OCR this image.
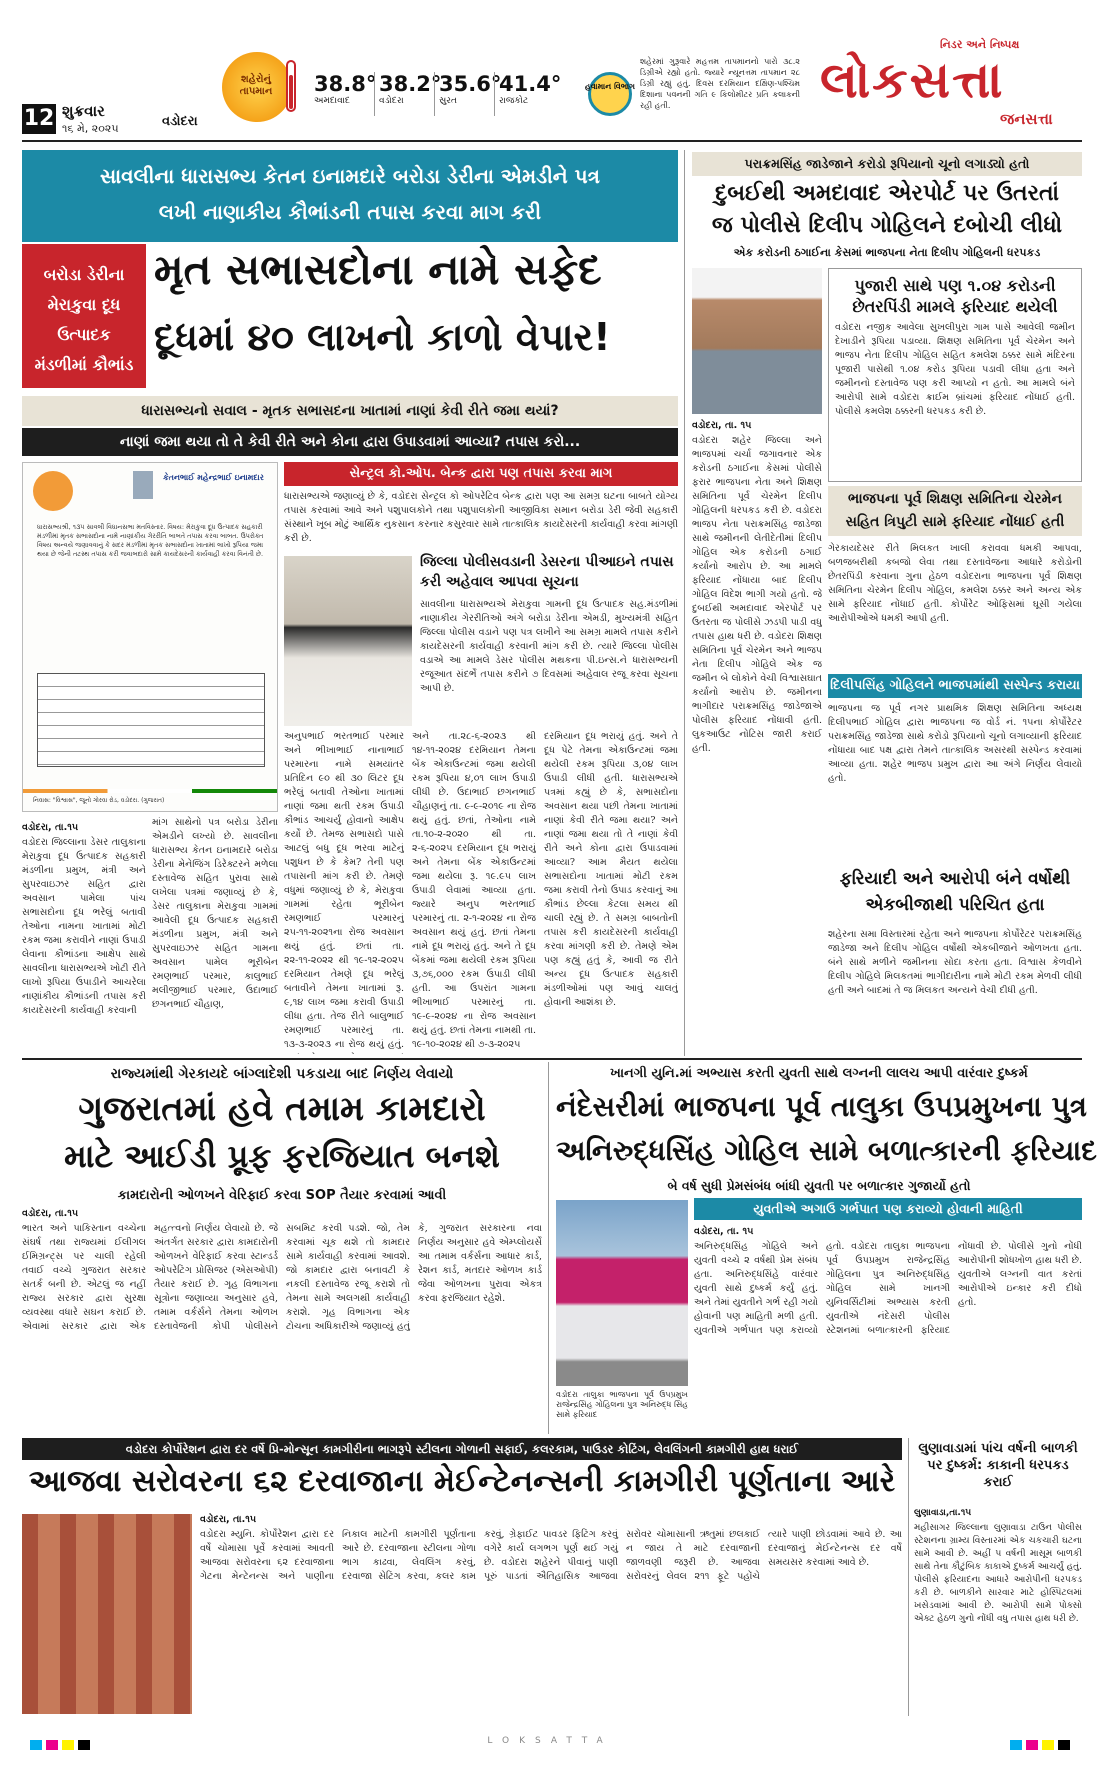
12 શુક્રવાર
૧૬ મે, ૨૦૨૫	વડોદરા
શહેરોનું તાપમાન	38.8°
અમદાવાદ
38.2°
વડોદરા
35.6°
સુરત
41.4°
રાજકોટ
હવામાન વિભાગ
શહેરમાં ગુરૂવારે મહત્તમ તાપમાનનો પારો ૩૮.૨ ડિગ્રીએ રહ્યો હતો. જ્યારે ન્યૂનત્તમ તાપમાન ૨૮ ડિગ્રી રહ્યું હતું. દિવસ દરમિયાન દક્ષિણ-પશ્ચિમ દિશાના પવનની ગતિ ૯ કિલોમીટર પ્રતિ કલાકની રહી હતી.
નિડર અને નિષ્પક્ષ
લોકસત્તા
જનસત્તા
સાવલીના ધારાસભ્ય કેતન ઇનામદારે બરોડા ડેરીના એમડીને પત્ર
લખી નાણાકીય કૌભાંડની તપાસ કરવા માગ કરી
બરોડા ડેરીના મેરાકુવા દૂધ ઉત્પાદક મંડળીમાં કૌભાંડ
મૃત સભાસદોના નામે સફેદ
દૂધમાં ૪૦ લાખનો કાળો વેપાર!
ધારાસભ્યનો સવાલ - મૃતક સભાસદના ખાતામાં નાણાં કેવી રીતે જમા થયાં?
નાણાં જમા થયા તો તે કેવી રીતે અને કોના દ્વારા ઉપાડવામાં આવ્યા? તપાસ કરો...
કેતનભાઈ મહેન્દ્રભાઈ ઇનામદાર
ધારાસભ્યશ્રી, ૧૩૫ સાવલી વિધાનસભા મતવિસ્તાર. વિષય: મેરાકુવા દૂધ ઉત્પાદક સહકારી મંડળીમાં મૃતક સભાસદોના નામે નાણાંકીય ગેરરીતિ બાબતે તપાસ કરવા બાબત. ઉપરોક્ત વિષય અન્વયે જણાવવાનું કે સદર મંડળીમાં મૃતક સભાસદોના ખાતામાં લાખો રૂપિયા જમા થયા છે જેની તટસ્થ તપાસ કરી જવાબદારો સામે કાયદેસરની કાર્યવાહી કરવા વિનંતી છે.
નિવાસ: "વિશ્વાસ", જૂનો ગોરવા રોડ, વડોદરા. (ગુજરાત)
સેન્ટ્રલ કો.ઓપ. બેન્ક દ્વારા પણ તપાસ કરવા માગ
ધારાસભ્યએ જણાવ્યું છે કે, વડોદરા સેન્ટ્રલ કો ઓપરેટિવ બેન્ક દ્વારા પણ આ સમગ્ર ઘટના બાબતે યોગ્ય તપાસ કરવામાં આવે અને પશુપાલકોને તથા પશુપાલકોની આજીવિકા સમાન બરોડા ડેરી જેવી સહકારી સંસ્થાને ખૂબ મોટું આર્થિક નુકસાન કરનાર કસુરવાર સામે તાત્કાલિક કાયદેસરની કાર્યવાહી કરવા માંગણી કરી છે.
જિલ્લા પોલીસવડાની ડેસરના પીઆઇને તપાસ કરી અહેવાલ આપવા સૂચના
સાવલીના ધારાસભ્યએ મેરાકુવા ગામની દૂધ ઉત્પાદક સહ.મંડળીમાં નાણાકીય ગેરરીતિઓ અંગે બરોડા ડેરીના એમડી, મુખ્યમંત્રી સહિત જિલ્લા પોલીસ વડાને પણ પત્ર લખીને આ સમગ્ર મામલે તપાસ કરીને કાયદેસરની કાર્યવાહી કરવાની માંગ કરી છે. ત્યારે જિલ્લા પોલીસ વડાએ આ મામલે ડેસર પોલીસ મથકના પી.ઇન્સ.ને ધારાસભ્યની રજૂઆત સંદર્ભે તપાસ કરીને ૭ દિવસમાં અહેવાલ રજૂ કરવા સૂચના આપી છે.
અનુપભાઈ ભરતભાઈ પરમાર અને ભીખાભાઈ નાનાભાઈ પરમારના નામે સમયાંતર પ્રતિદિન ૯૦ થી ૩૦ લિટર દૂધ ભરેલું બતાવી તેઓના ખાતામાં નાણાં જમા થતી રકમ ઉપાડી કૌભાંડ આચર્યું હોવાનો આક્ષેપ કર્યો છે. તેમજ સભાસદો પાસે આટલું બધુ દૂધ ભરવા માટેનું પશુધન છે કે કેમ? તેની પણ તપાસની માંગ કરી છે. તેમણે વધુમાં જણાવ્યું છે કે, મેરાકુવા ગામમાં રહેતા ભૂરીબેન રમણભાઈ પરમારનું ૨૫-૧૧-૨૦૨૧ના રોજ અવસાન થયું હતું. છતાં તા. ૨૨-૧૧-૨૦૨૨ થી ૧૯-૧૨-૨૦૨૫ દરમિયાન તેમણે દૂધ ભરેલું બતાવીને તેમના ખાતામાં રૂ. ૯,૧૪ લાખ જમા કરાવી ઉપાડી લીધા હતા. તેજ રીતે બાલુભાઈ રમણભાઈ પરમારનું તા. ૧૩-૩-૨૦૨૩ ના રોજ થયું હતું.
અને તા.૨૮-૬-૨૦૨૩ થી ૧૪-૧૧-૨૦૨૪ દરમિયાન તેમના બેંક એકાઉન્ટમાં જમા થયેલી રકમ રૂપિયા ૪,૦૧ લાખ ઉપાડી લીધી છે. ઉદાભાઈ છગનભાઈ ચૌહાણનું તા. ૯-૯-૨૦૧૯ ના રોજ થયું હતું. છતાં, તેઓના નામે તા.૧૦-૨-૨૦૨૦ થી તા. ૨-૬-૨૦૨૫ દરમિયાન દૂધ ભરાયું અને તેમના બેંક એકાઉન્ટમાં જમા થયેલા રૂ. ૧૯.૯૫ લાખ ઉપાડી લેવામાં આવ્યા હતા. જ્યારે અનુપ ભરતભાઈ પરમારનું તા. ૨-૧-૨૦૨૪ ના રોજ અવસાન થયું હતું. છતાં તેમના નામે દૂધ ભરાયું હતું. અને તે દૂધ બેંકમાં જમા થયેલી રકમ રૂપિયા ૩,૭૬,૦૦૦ રકમ ઉપાડી લીધી હતી. આ ઉપરાંત ગામના ભીખાભાઈ પરમારનું તા. ૧૯-૯-૨૦૨૪ ના રોજ અવસાન થયું હતું. છતાં તેમના નામથી તા. ૧૯-૧૦-૨૦૨૪ થી ૭-૩-૨૦૨૫
દરમિયાન દૂધ ભરાયું હતું. અને તે દૂધ પેટે તેમના એકાઉન્ટમાં જમા થયેલી રકમ રૂપિયા ૩,૦૪ લાખ ઉપાડી લીધી હતી. ધારાસભ્યએ પત્રમાં કહ્યું છે કે, સભાસદોના અવસાન થયા પછી તેમના ખાતામાં નાણાં કેવી રીતે જમા થયા? અને નાણાં જમા થયા તો તે નાણાં કેવી રીતે અને કોના દ્વારા ઉપાડવામાં આવ્યા? આમ મૈયત થયેલા સભાસદોના ખાતામાં મોટી રકમ જમા કરાવી તેનો ઉપાડ કરવાનું આ કૌભાંડ છેલ્લા કેટલા સમય થી ચાલી રહ્યું છે. તે સમગ્ર બાબતોની તપાસ કરી કાયદેસરની કાર્યવાહી કરવા માંગણી કરી છે. તેમણે એમ પણ કહ્યું હતું કે, આવી જ રીતે અન્ય દૂધ ઉત્પાદક સહકારી મંડળીઓમાં પણ આવું ચાલતું હોવાની આશંકા છે.
વડોદરા, તા.૧૫
વડોદરા જિલ્લાના ડેસર તાલુકાના મેરાકુવા દૂધ ઉત્પાદક સહકારી મંડળીના પ્રમુખ, મંત્રી અને સુપરવાઇઝર સહિત દ્વારા અવસાન પામેલા પાંચ સભાસદોના દૂધ ભરેલું બતાવી તેઓના નામના ખાતામાં મોટી રકમ જમા કરાવીને નાણાં ઉપાડી લેવાના કૌભાંડના આક્ષેપ સાથે સાવલીના ધારાસભ્યએ ખોટી રીતે લાખો રૂપિયા ઉપાડીને આચરેલા નાણાંકીય કૌભાંડની તપાસ કરી કાયદેસરની કાર્યવાહી કરવાની
માંગ સાથેનો પત્ર બરોડા ડેરીના એમડીને લખ્યો છે. સાવલીના ધારાસભ્ય કેતન ઇનામદારે બરોડા ડેરીના મેનેજિંગ ડિરેક્ટરને મળેલા દસ્તાવેજ સહિત પુરાવા સાથે લખેલા પત્રમાં જણાવ્યું છે કે, ડેસર તાલુકાના મેરાકુવા ગામમાં આવેલી દૂધ ઉત્પાદક સહકારી મંડળીના પ્રમુખ, મંત્રી અને સુપરવાઇઝર સહિત ગામના અવસાન પામેલ ભૂરીબેન રમણભાઈ પરમાર, કાલુભાઈ મલીજીભાઈ પરમાર, ઉદાભાઈ છગનભાઈ ચૌહાણ,
પરાક્રમસિંહ જાડેજાને કરોડો રૂપિયાનો ચૂનો લગાડ્યો હતો
દુબઈથી અમદાવાદ એરપોર્ટ પર ઉતરતાં
જ પોલીસે દિલીપ ગોહિલને દબોચી લીધો
એક કરોડની ઠગાઈના કેસમાં ભાજપના નેતા દિલીપ ગોહિલની ધરપકડ
વડોદરા, તા. ૧૫
વડોદરા શહેર જિલ્લા અને ભાજપમાં ચર્ચા જગાવનાર એક કરોડની ઠગાઈના કેસમાં પોલીસે ફરાર ભાજપના નેતા અને શિક્ષણ સમિતિના પૂર્વ ચેરમેન દિલીપ ગોહિલની ધરપકડ કરી છે. વડોદરા ભાજપ નેતા પરાક્રમસિંહ જાડેજા સાથે જમીનની લેતીદેતીમાં દિલીપ ગોહિલ એક કરોડની ઠગાઈ કર્યાનો આરોપ છે. આ મામલે ફરિયાદ નોંધાયા બાદ દિલીપ ગોહિલ વિદેશ ભાગી ગયો હતો. જે દુબઈથી અમદાવાદ એરપોર્ટ પર ઉતરતા જ પોલીસે ઝડપી પાડી વધુ તપાસ હાથ ધરી છે. વડોદરા શિક્ષણ સમિતિના પૂર્વ ચેરમેન અને ભાજપ નેતા દિલીપ ગોહિલે એક જ જમીન બે લોકોને વેચી વિશ્વાસઘાત કર્યાનો આરોપ છે. જમીનના ભાગીદાર પરાક્રમસિંહ જાડેજાએ પોલીસ ફરિયાદ નોંધાવી હતી. લુકઆઉટ નોટિસ જારી કરાઈ હતી.
પુજારી સાથે પણ ૧.૦૪ કરોડની છેતરપિંડી મામલે ફરિયાદ થયેલી
વડોદરા નજીક આવેલા સુખલીપુરા ગામ પાસે આવેલી જમીન દેખાડીને રૂપિયા પડાવ્યા. શિક્ષણ સમિતિના પૂર્વ ચેરમેન અને ભાજપ નેતા દિલીપ ગોહિલ સહિત કમલેશ ઠક્કર સામે મંદિરના પૂજારી પાસેથી ૧.૦૪ કરોડ રૂપિયા પડાવી લીધા હતા અને જમીનનો દસ્તાવેજ પણ કરી આપ્યો ન હતો. આ મામલે બંને આરોપી સામે વડોદરા ક્રાઈમ બ્રાંચમાં ફરિયાદ નોંધાઈ હતી. પોલીસે કમલેશ ઠક્કરની ધરપકડ કરી છે.
ભાજપના પૂર્વ શિક્ષણ સમિતિના ચેરમેન સહિત ત્રિપુટી સામે ફરિયાદ નોંધાઈ હતી
ગેરકાયદેસર રીતે મિલકત ખાલી કરાવવા ધમકી આપવા, બળજબરીથી કબજો લેવા તથા દસ્તાવેજના આધારે કરોડોની છેતરપિંડી કરવાના ગુના હેઠળ વડોદરાના ભાજપના પૂર્વ શિક્ષણ સમિતિના ચેરમેન દિલીપ ગોહિલ, કમલેશ ઠક્કર અને અન્ય એક સામે ફરિયાદ નોંધાઈ હતી. કોર્પોરેટ ઓફિસમાં ઘૂસી ગયેલા આરોપીઓએ ધમકી આપી હતી.
દિલીપસિંહ ગોહિલને ભાજપમાંથી સસ્પેન્ડ કરાયા
ભાજપના જ પૂર્વ નગર પ્રાથમિક શિક્ષણ સમિતિના અધ્યક્ષ દિલીપભાઈ ગોહિલ દ્વારા ભાજપના જ વોર્ડ નં. ૧૫ના કોર્પોરેટર પરાક્રમસિંહ જાડેજા સાથે કરોડો રૂપિયાનો ચૂનો લગાવ્યાની ફરિયાદ નોંધાયા બાદ પક્ષ દ્વારા તેમને તાત્કાલિક અસરથી સસ્પેન્ડ કરવામાં આવ્યા હતા. શહેર ભાજપ પ્રમુખ દ્વારા આ અંગે નિર્ણય લેવાયો હતો.
ફરિયાદી અને આરોપી બંને વર્ષોથી એકબીજાથી પરિચિત હતા
શહેરના સમા વિસ્તારમાં રહેતા અને ભાજપના કોર્પોરેટર પરાક્રમસિંહ જાડેજા અને દિલીપ ગોહિલ વર્ષોથી એકબીજાને ઓળખતા હતા. બંને સાથે મળીને જમીનના સોદા કરતા હતા. વિશ્વાસ કેળવીને દિલીપ ગોહિલે મિલકતમાં ભાગીદારીના નામે મોટી રકમ મેળવી લીધી હતી અને બાદમાં તે જ મિલકત અન્યને વેચી દીધી હતી.
રાજ્યમાંથી ગેરકાયદે બાંગ્લાદેશી પકડાયા બાદ નિર્ણય લેવાયો
ગુજરાતમાં હવે તમામ કામદારો
માટે આઈડી પ્રૂફ ફરજિયાત બનશે
કામદારોની ઓળખને વેરિફાઈ કરવા SOP તૈયાર કરવામાં આવી
વડોદરા, તા.૧૫
ભારત અને પાકિસ્તાન વચ્ચેના સંઘર્ષ તથા રાજ્યમાં ઈલીગલ ઈમિગ્રન્ટ્સ પર ચાલી રહેલી તવાઈ વચ્ચે ગુજરાત સરકાર સતર્ક બની છે. એટલું જ નહીં રાજ્ય સરકાર દ્વારા સુરક્ષા વ્યવસ્થા વધારે સઘન કરાઈ છે. એવામાં સરકાર દ્વારા એક મહત્ત્વનો નિર્ણય લેવાયો છે. જે અંતર્ગત સરકાર દ્વારા કામદારોની ઓળખને વેરિફાઈ કરવા સ્ટાન્ડર્ડ ઓપરેટિંગ પ્રોસિજર (એસઓપી) તૈયાર કરાઈ છે. ગૃહ વિભાગના સૂત્રોના જણાવ્યા અનુસાર હવે, તમામ વર્કર્સને તેમના ઓળખ દસ્તાવેજની કોપી પોલીસને સબમિટ કરવી પડશે. જો, તેમ કરવામાં ચૂક થશે તો કામદાર સામે કાર્યવાહી કરવામાં આવશે. જો કામદાર દ્વારા બનાવટી કે નકલી દસ્તાવેજ રજૂ કરાશે તો તેમના સામે અલગથી કાર્યવાહી કરાશે. ગૃહ વિભાગના એક ટોચના અધિકારીએ જણાવ્યું હતું કે, ગુજરાત સરકારના નવા નિર્ણય અનુસાર હવે એમ્પ્લોયર્સે આ તમામ વર્કર્સના આધાર કાર્ડ, રેશન કાર્ડ, મતદાર ઓળખ કાર્ડ જેવા ઓળખના પુરાવા એકત્ર કરવા ફરજિયાત રહેશે.
ખાનગી યુનિ.માં અભ્યાસ કરતી યુવતી સાથે લગ્નની લાલચ આપી વારંવાર દુષ્કર્મ
નંદેસરીમાં ભાજપના પૂર્વ તાલુકા ઉપપ્રમુખના પુત્ર
અનિરુદ્ધસિંહ ગોહિલ સામે બળાત્કારની ફરિયાદ
બે વર્ષ સુધી પ્રેમસંબંધ બાંધી યુવતી પર બળાત્કાર ગુજાર્યો હતો
યુવતીએ અગાઉ ગર્ભપાત પણ કરાવ્યો હોવાની માહિતી
વડોદરા તાલુકા ભાજપના પૂર્વ ઉપપ્રમુખ રાજેન્દ્રસિંહ ગોહિલના પુત્ર અનિરુદ્ધ સિંહ સામે ફરિયાદ
વડોદરા, તા. ૧૫
અનિરુદ્ધસિંહ ગોહિલે અને યુવતી વચ્ચે ૨ વર્ષથી પ્રેમ સંબંધ હતા. અનિરુદ્ધસિંહે વારંવાર યુવતી સાથે દુષ્કર્મ કર્યું હતું. અને તેમાં યુવતીને ગર્ભ રહી ગયો હોવાની પણ માહિતી મળી હતી. યુવતીએ ગર્ભપાત પણ કરાવ્યો હતો. વડોદરા તાલુકા ભાજપના પૂર્વ ઉપપ્રમુખ રાજેન્દ્રસિંહ ગોહિલના પુત્ર અનિરુદ્ધસિંહ ગોહિલ સામે ખાનગી યુનિવર્સિટીમાં અભ્યાસ કરતી યુવતીએ નંદેસરી પોલીસ સ્ટેશનમાં બળાત્કારની ફરિયાદ નોંધાવી છે. પોલીસે ગુનો નોંધી આરોપીની શોધખોળ હાથ ધરી છે. યુવતીએ લગ્નની વાત કરતાં આરોપીએ ઇન્કાર કરી દીધો હતો.
વડોદરા કોર્પોરેશન દ્વારા દર વર્ષે પ્રિ-મોન્સૂન કામગીરીના ભાગરૂપે સ્ટીલના ગોળાની સફાઈ, કલરકામ, પાઉડર કોટિંગ, લેવલિંગની કામગીરી હાથ ધરાઈ
આજવા સરોવરના ૬૨ દરવાજાના મેઈન્ટેનન્સની કામગીરી પૂર્ણતાના આરે
વડોદરા, તા.૧૫
વડોદરા મ્યુનિ. કોર્પોરેશન દ્વારા દર વર્ષે ચોમાસા પૂર્વે કરવામાં આવતી આજવા સરોવરના ૬૨ દરવાજાના ગેટના મેન્ટેનન્સ અને પાણીના નિકાલ માટેની કામગીરી પૂર્ણતાના આરે છે. દરવાજાના સ્ટીલના ગોળા ભાગ કાઢવા, લેવલિંગ કરવું, દરવાજા સેટિંગ કરવા, કલર કામ કરવું, ગ્રેફાઈટ પાવડર ફિટિંગ કરવું વગેરે કાર્ય લગભગ પૂર્ણ થઈ ગયું છે. વડોદરા શહેરને પીવાનું પાણી પૂરું પાડતાં ઐતિહાસિક આજવા સરોવર ચોમાસાની ઋતુમાં છલકાઈ ન જાય તે માટે દરવાજાની જાળવણી જરૂરી છે. આજવા સરોવરનું લેવલ ૨૧૧ ફૂટે પહોંચે ત્યારે પાણી છોડવામાં આવે છે. આ દરવાજાનું મેઈન્ટેનન્સ દર વર્ષે સમયસર કરવામાં આવે છે.
લુણાવાડામાં પાંચ વર્ષની બાળકી પર દુષ્કર્મ: કાકાની ધરપકડ કરાઈ
લુણાવાડા,તા.૧૫
મહીસાગર જિલ્લાના લુણાવાડા ટાઉન પોલીસ સ્ટેશનના ગ્રામ્ય વિસ્તારમાં એક ચકચારી ઘટના સામે આવી છે. અહીં ૫ વર્ષની માસૂમ બાળકી સાથે તેના કૌટુંબિક કાકાએ દુષ્કર્મ આચર્યું હતું. પોલીસે ફરિયાદના આધારે આરોપીની ધરપકડ કરી છે. બાળકીને સારવાર માટે હોસ્પિટલમાં ખસેડવામાં આવી છે. આરોપી સામે પોક્સો એક્ટ હેઠળ ગુનો નોંધી વધુ તપાસ હાથ ધરી છે.
LOKSATTA
